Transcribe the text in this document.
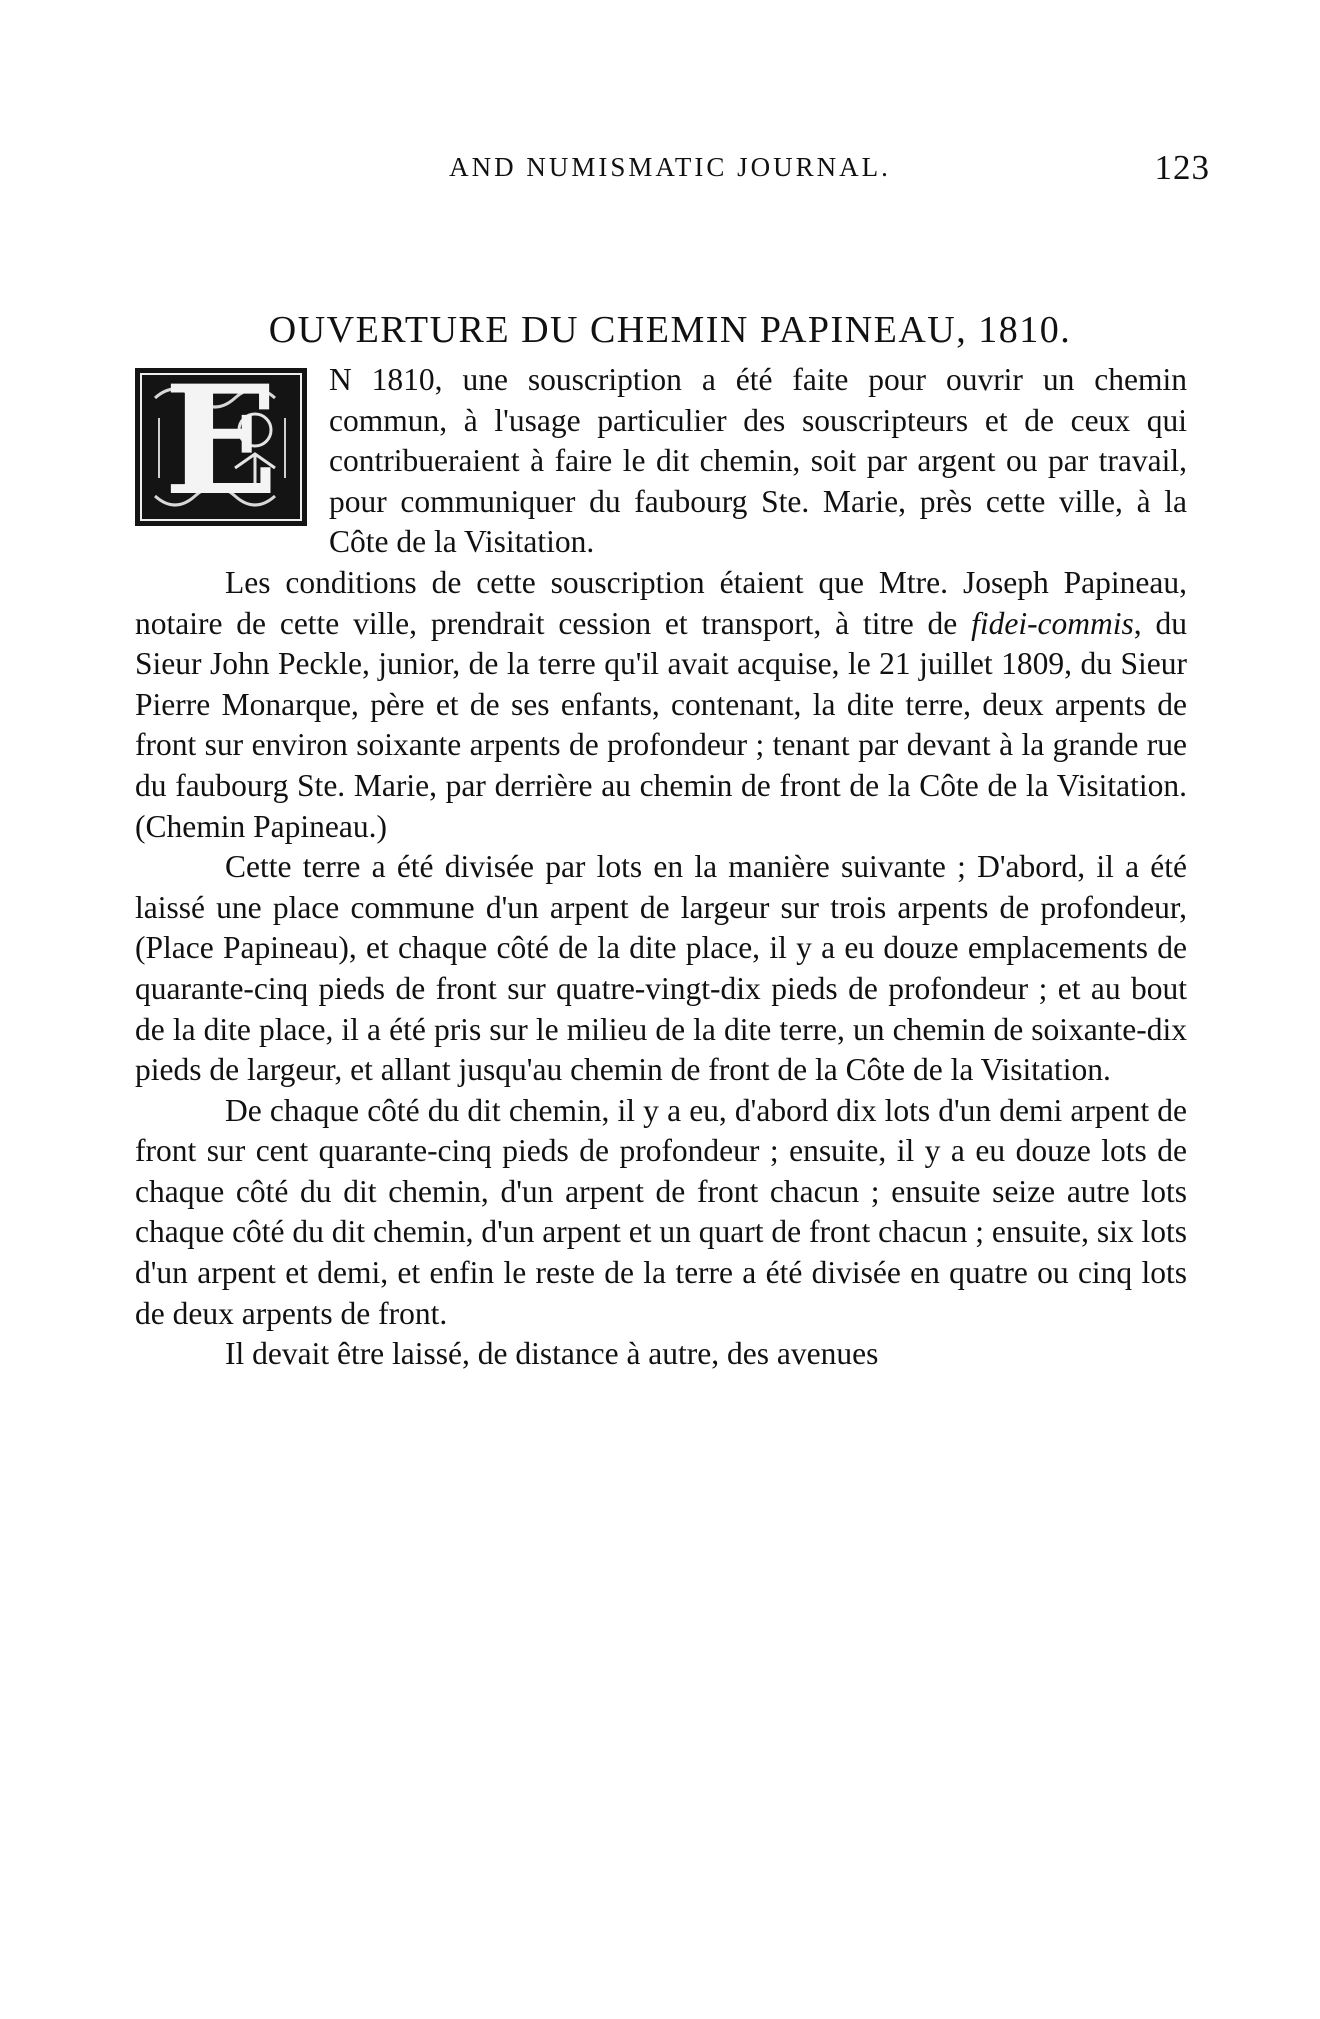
AND NUMISMATIC JOURNAL.	123
OUVERTURE DU CHEMIN PAPINEAU, 1810.

E	N 1810, une souscription a été faite pour ouvrir un chemin commun, à l'usage particulier des souscripteurs et de ceux qui contribueraient à faire le dit chemin, soit par argent ou par travail, pour communiquer du faubourg Ste. Marie, près cette ville, à la Côte de la Visitation.

Les conditions de cette souscription étaient que Mtre. Joseph Papineau, notaire de cette ville, prendrait cession et transport, à titre de fidei-commis, du Sieur John Peckle, junior, de la terre qu'il avait acquise, le 21 juillet 1809, du Sieur Pierre Monarque, père et de ses enfants, contenant, la dite terre, deux arpents de front sur environ soixante arpents de profondeur ; tenant par devant à la grande rue du faubourg Ste. Marie, par derrière au chemin de front de la Côte de la Visitation. (Chemin Papineau.)

Cette terre a été divisée par lots en la manière suivante ; D'abord, il a été laissé une place commune d'un arpent de largeur sur trois arpents de profondeur, (Place Papineau), et chaque côté de la dite place, il y a eu douze emplacements de quarante-cinq pieds de front sur quatre-vingt-dix pieds de profondeur ; et au bout de la dite place, il a été pris sur le milieu de la dite terre, un chemin de soixante-dix pieds de largeur, et allant jusqu'au chemin de front de la Côte de la Visitation.

De chaque côté du dit chemin, il y a eu, d'abord dix lots d'un demi arpent de front sur cent quarante-cinq pieds de profondeur ; ensuite, il y a eu douze lots de chaque côté du dit chemin, d'un arpent de front chacun ; ensuite seize autre lots chaque côté du dit chemin, d'un arpent et un quart de front chacun ; ensuite, six lots d'un arpent et demi, et enfin le reste de la terre a été divisée en quatre ou cinq lots de deux arpents de front.

Il devait être laissé, de distance à autre, des avenues
